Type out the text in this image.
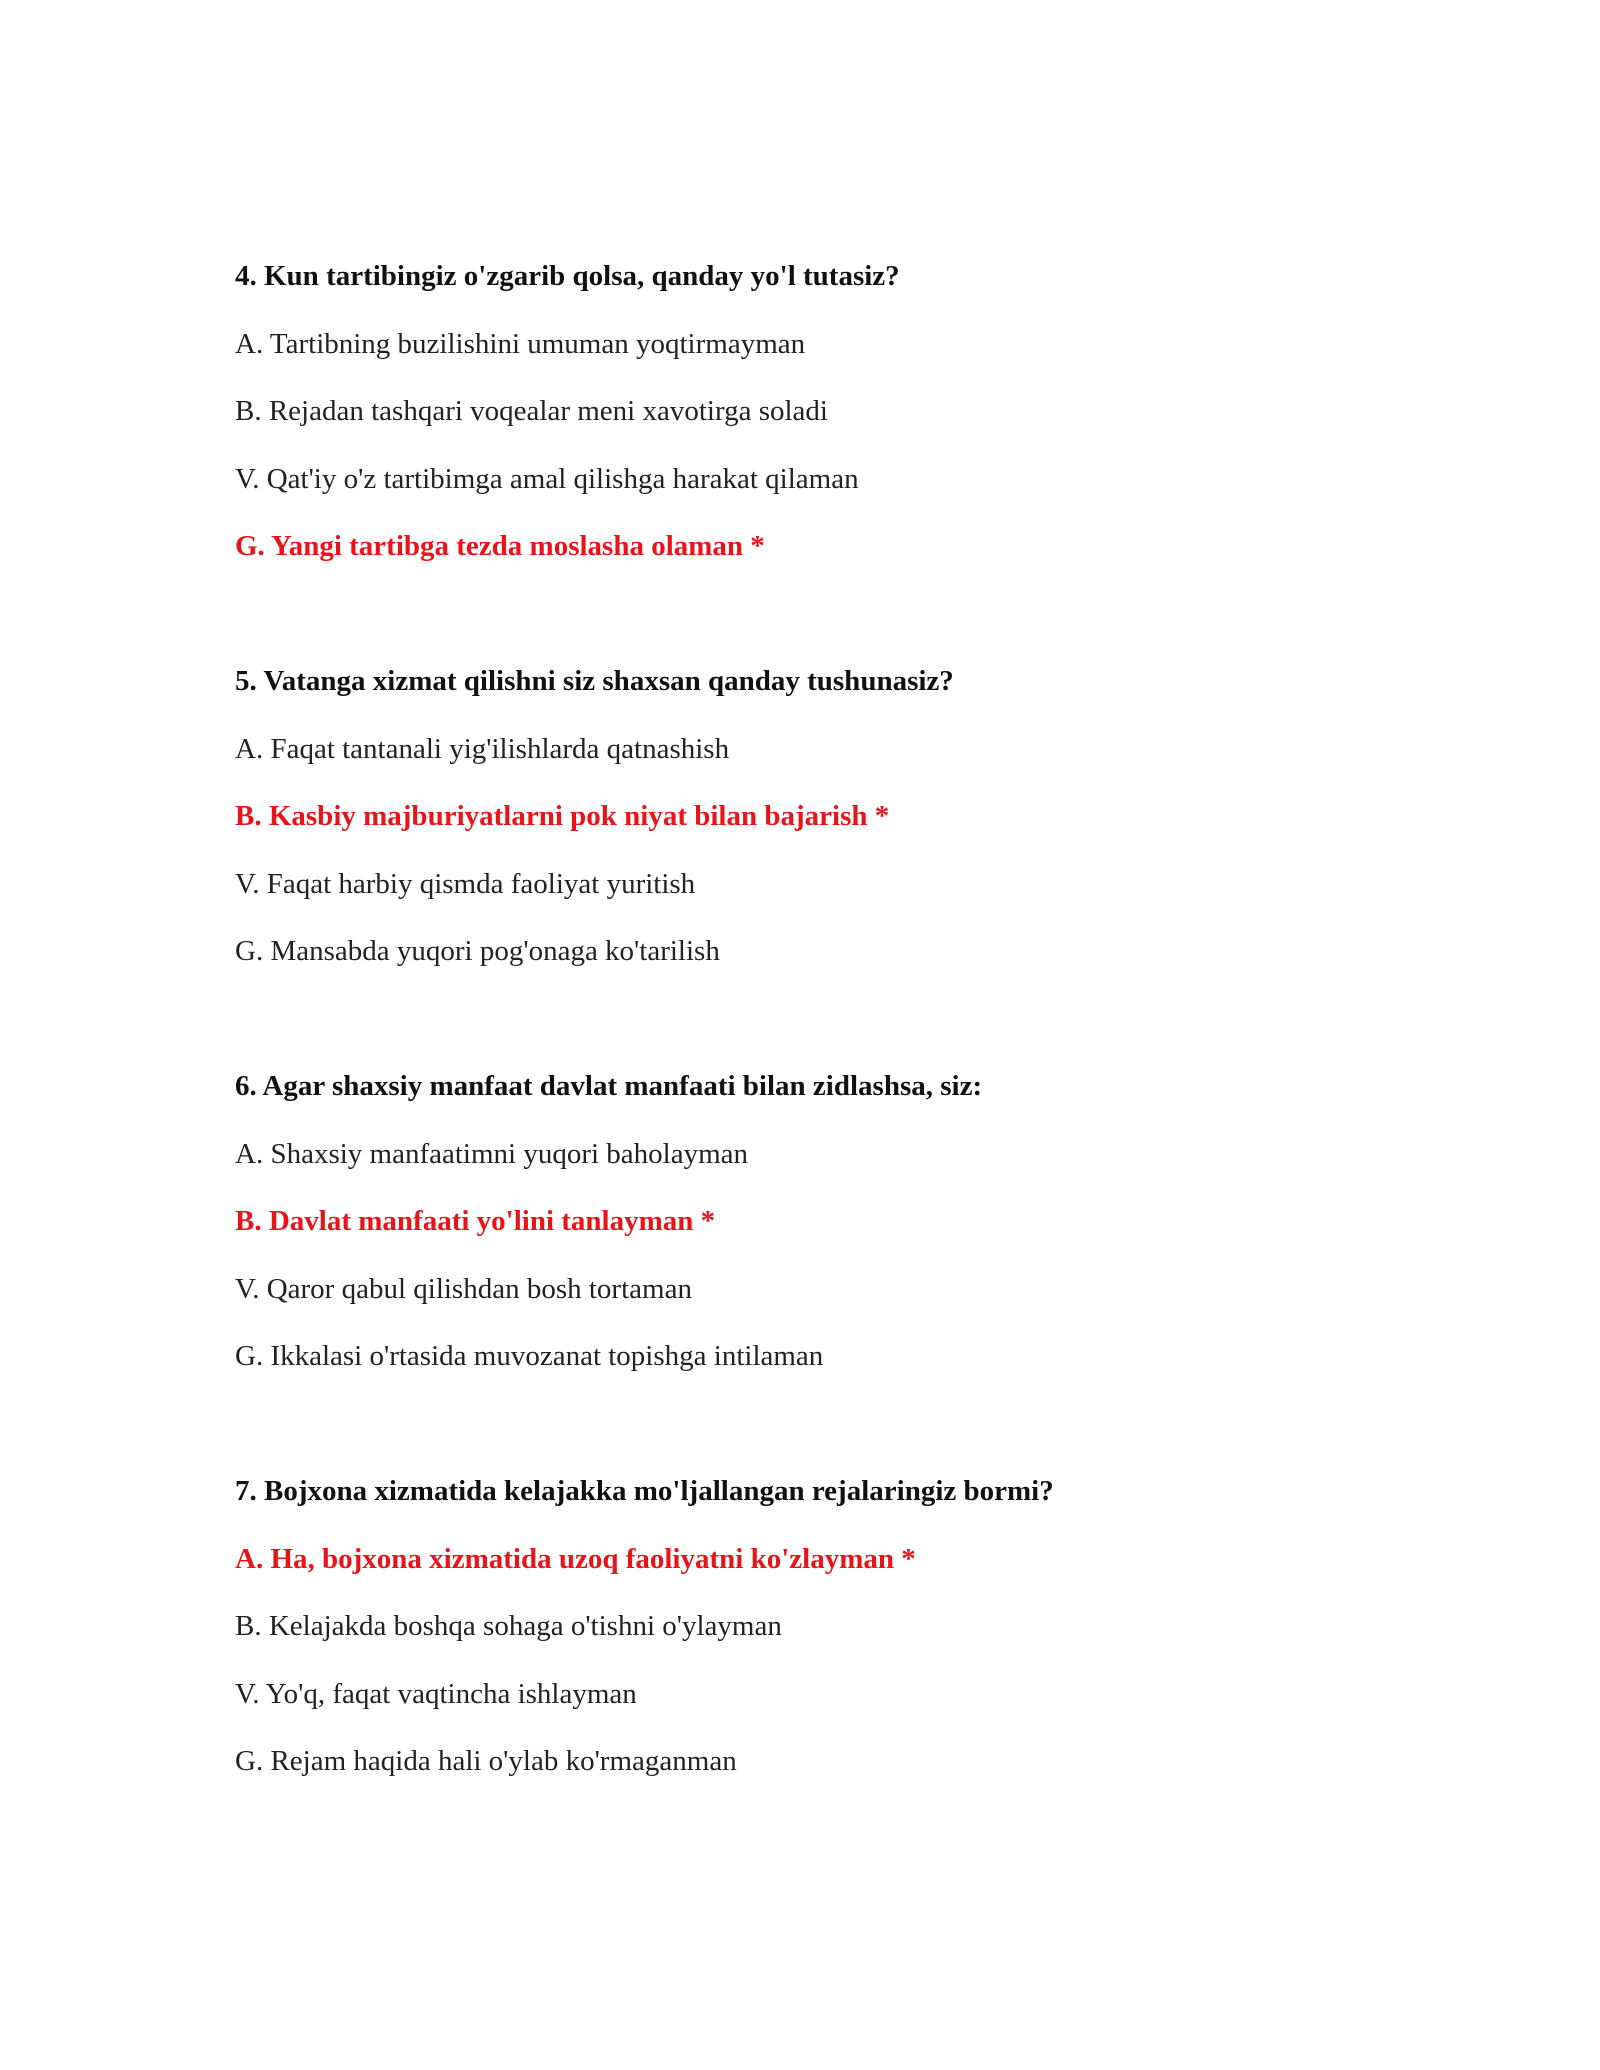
4. Kun tartibingiz o'zgarib qolsa, qanday yo'l tutasiz?
A. Tartibning buzilishini umuman yoqtirmayman
B. Rejadan tashqari voqealar meni xavotirga soladi
V. Qat'iy o'z tartibimga amal qilishga harakat qilaman
G. Yangi tartibga tezda moslasha olaman *
5. Vatanga xizmat qilishni siz shaxsan qanday tushunasiz?
A. Faqat tantanali yig'ilishlarda qatnashish
B. Kasbiy majburiyatlarni pok niyat bilan bajarish *
V. Faqat harbiy qismda faoliyat yuritish
G. Mansabda yuqori pog'onaga ko'tarilish
6. Agar shaxsiy manfaat davlat manfaati bilan zidlashsa, siz:
A. Shaxsiy manfaatimni yuqori baholayman
B. Davlat manfaati yo'lini tanlayman *
V. Qaror qabul qilishdan bosh tortaman
G. Ikkalasi o'rtasida muvozanat topishga intilaman
7. Bojxona xizmatida kelajakka mo'ljallangan rejalaringiz bormi?
A. Ha, bojxona xizmatida uzoq faoliyatni ko'zlayman *
B. Kelajakda boshqa sohaga o'tishni o'ylayman
V. Yo'q, faqat vaqtincha ishlayman
G. Rejam haqida hali o'ylab ko'rmaganman
